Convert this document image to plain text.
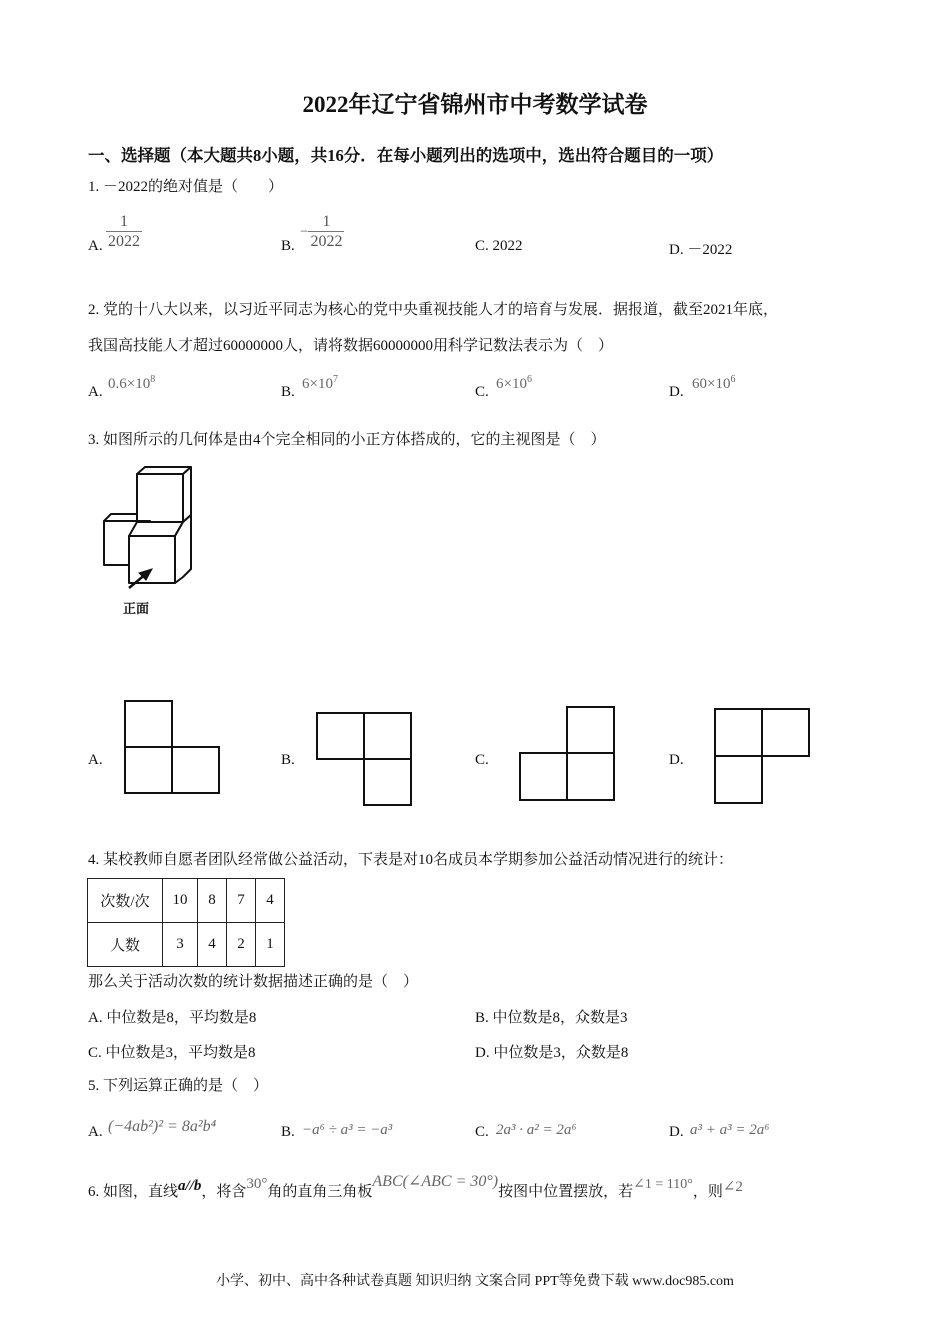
2022年辽宁省锦州市中考数学试卷
一、选择题（本大题共8小题，共16分．在每小题列出的选项中，选出符合题目的一项）
1. －2022的绝对值是（　　）
A. $\frac{1}{2022}$	B.
− $\frac{1}{2022}$	C. 2022	D. －2022
2. 党的十八大以来，以习近平同志为核心的党中央重视技能人才的培育与发展．据报道，截至2021年底，
我国高技能人才超过60000000人，请将数据60000000用科学记数法表示为（　）
A. $0.6\times 10^8$
B. $6\times 10^7$
C. $6\times 10^6$
D. $60\times 10^6$
3. 如图所示的几何体是由4个完全相同的小正方体搭成的，它的主视图是（　）
正面
A.	B.	C.	D.
4. 某校教师自愿者团队经常做公益活动，下表是对10名成员本学期参加公益活动情况进行的统计：
次数/次	10	8	7	4
人数	3	4	2	1
那么关于活动次数的统计数据描述正确的是（　）
A. 中位数是8，平均数是8	B. 中位数是8，众数是3
C. 中位数是3，平均数是8	D. 中位数是3，众数是8
5. 下列运算正确的是（　）
A. (−4ab²)² = 8a²b⁴	B. −a⁶ ÷ a³ = −a³	C. 2a³ · a² = 2a⁶	D. a³ + a³ = 2a⁶
6. 如图，直线a//b，将含30°角的直角三角板ABC(∠ABC = 30°)按图中位置摆放，若∠1 = 110°，则∠2
小学、初中、高中各种试卷真题 知识归纳 文案合同 PPT等免费下载 www.doc985.com
